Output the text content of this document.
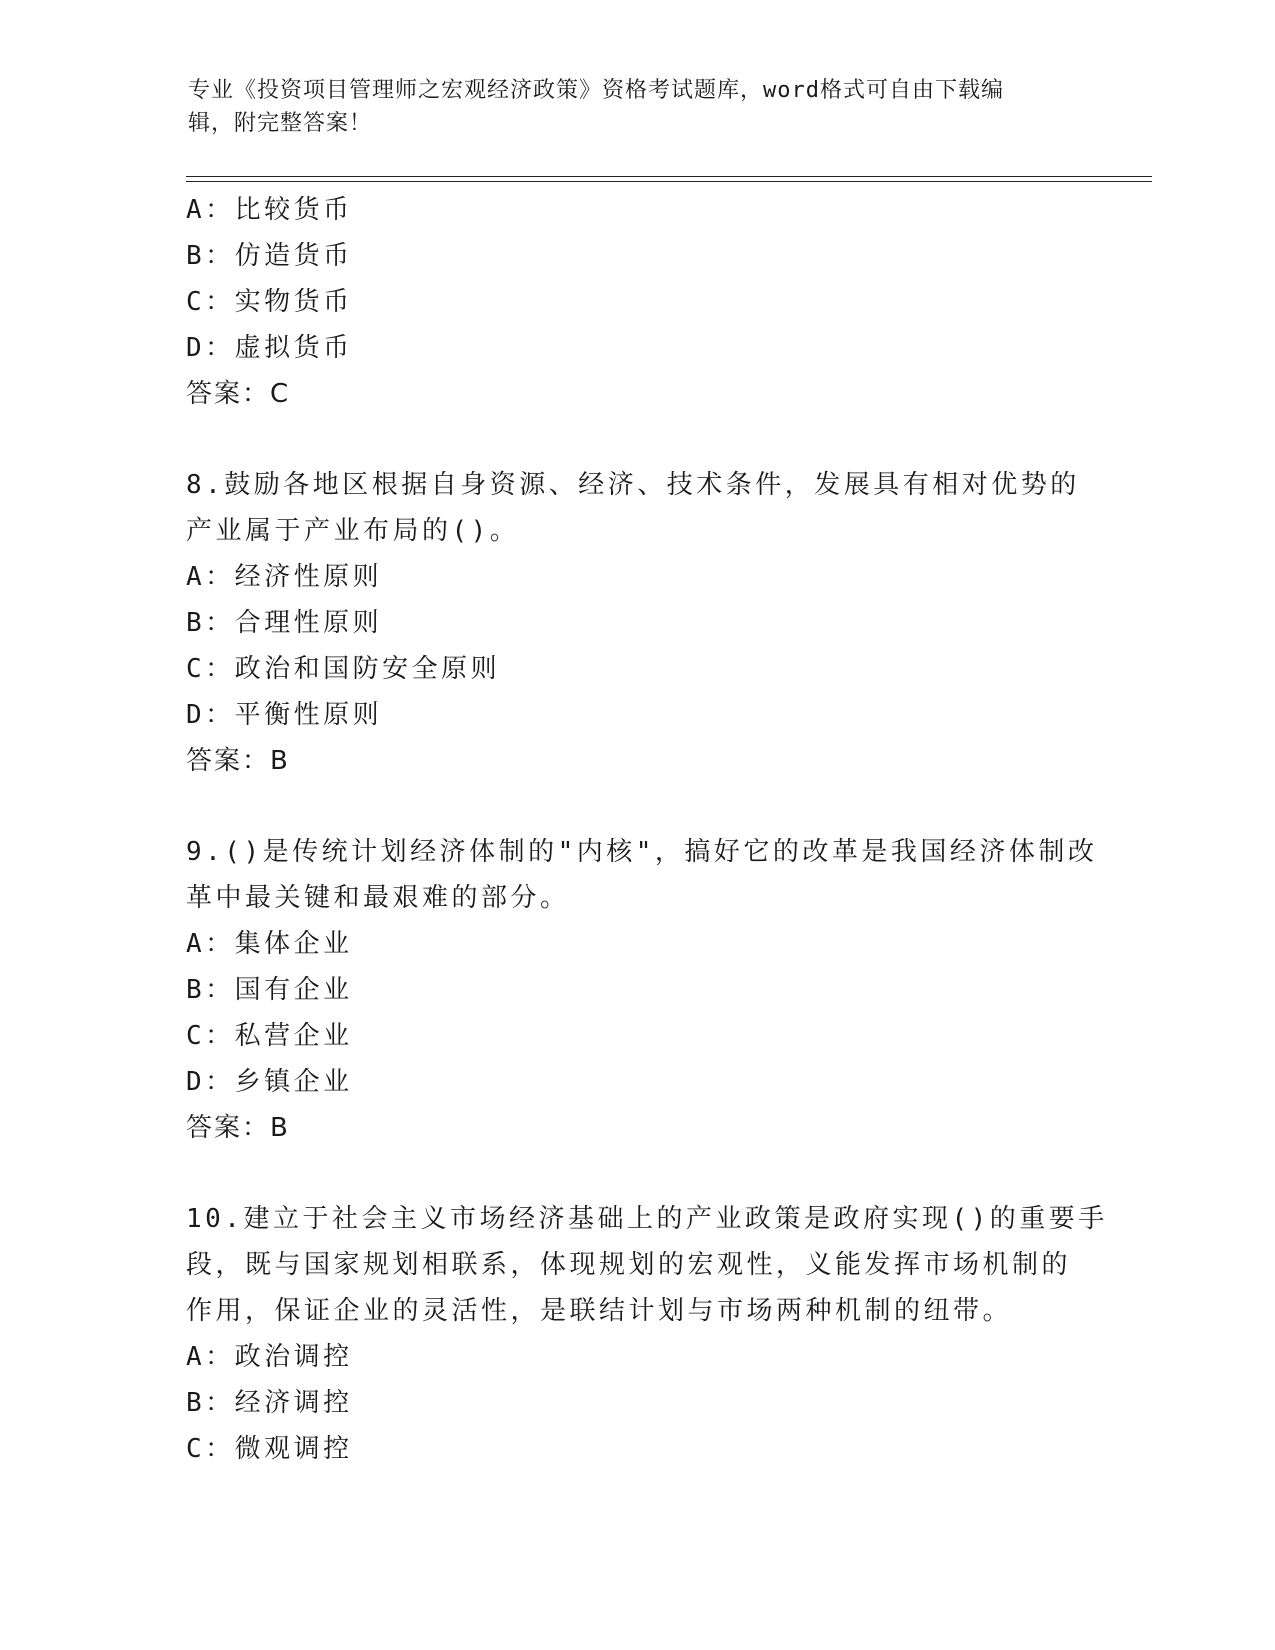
专业《投资项目管理师之宏观经济政策》资格考试题库，word格式可自由下载编
辑，附完整答案！
A：比较货币
B：仿造货币
C：实物货币
D：虚拟货币
答案：C
8.鼓励各地区根据自身资源、经济、技术条件，发展具有相对优势的
产业属于产业布局的()。
A：经济性原则
B：合理性原则
C：政治和国防安全原则
D：平衡性原则
答案：B
9.()是传统计划经济体制的"内核"，搞好它的改革是我国经济体制改
革中最关键和最艰难的部分。
A：集体企业
B：国有企业
C：私营企业
D：乡镇企业
答案：B
10.建立于社会主义市场经济基础上的产业政策是政府实现()的重要手
段，既与国家规划相联系，体现规划的宏观性，义能发挥市场机制的
作用，保证企业的灵活性，是联结计划与市场两种机制的纽带。
A：政治调控
B：经济调控
C：微观调控
